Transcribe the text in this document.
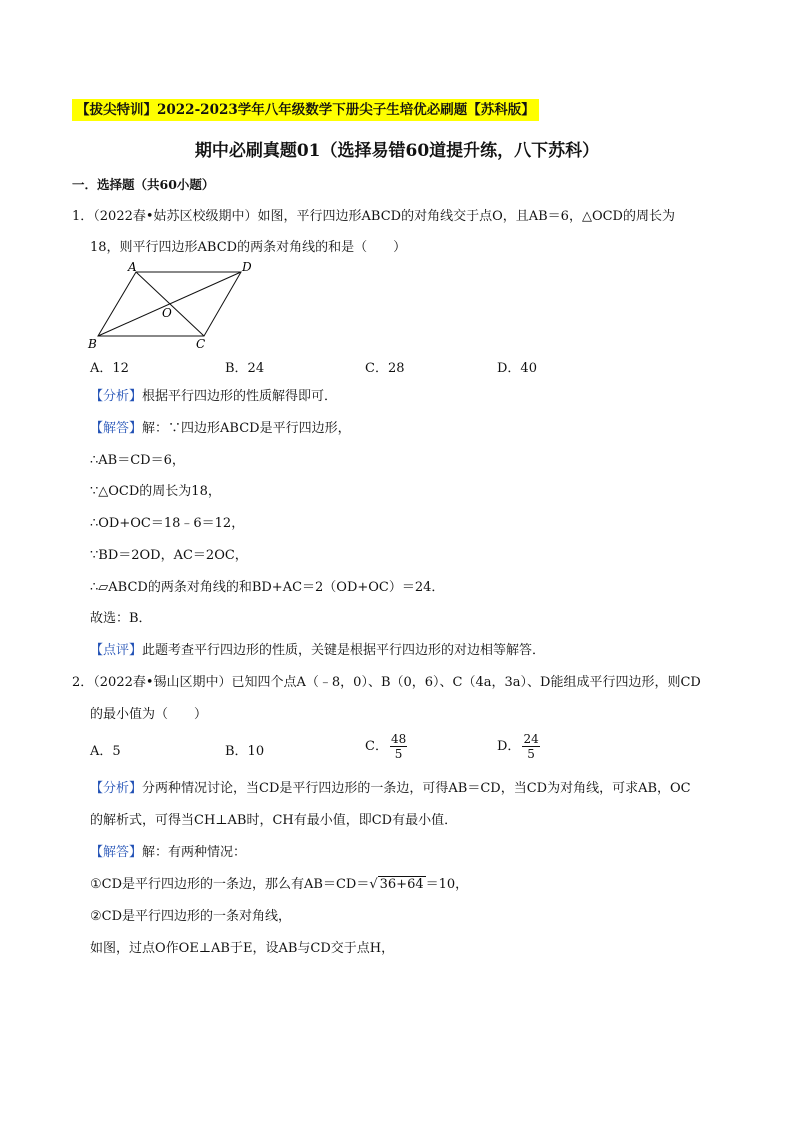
【拔尖特训】2022-2023学年八年级数学下册尖子生培优必刷题【苏科版】
期中必刷真题01（选择易错60道提升练，八下苏科）
一．选择题（共60小题）
1．（2022春•姑苏区校级期中）如图，平行四边形ABCD的对角线交于点O，且AB＝6，△OCD的周长为
18，则平行四边形ABCD的两条对角线的和是（　　）
A	D
B	C
O
A．12	B．24	C．28	D．40
【分析】根据平行四边形的性质解得即可．
【解答】解：∵四边形ABCD是平行四边形，
∴AB＝CD＝6，
∵△OCD的周长为18，
∴OD+OC＝18﹣6＝12，
∵BD＝2OD，AC＝2OC，
∴▱ABCD的两条对角线的和BD+AC＝2（OD+OC）＝24．
故选：B．
【点评】此题考查平行四边形的性质，关键是根据平行四边形的对边相等解答．
2．（2022春•锡山区期中）已知四个点A（﹣8，0）、B（0，6）、C（4a，3a）、D能组成平行四边形，则CD
的最小值为（　　）
A．5	B．10	C． $\frac{48}{5}$	D． $\frac{24}{5}$
【分析】分两种情况讨论，当CD是平行四边形的一条边，可得AB＝CD，当CD为对角线，可求AB，OC
的解析式，可得当CH⊥AB时，CH有最小值，即CD有最小值．
【解答】解：有两种情况：
①CD是平行四边形的一条边，那么有AB＝CD＝√ 36+64 ＝10，
②CD是平行四边形的一条对角线，
如图，过点O作OE⊥AB于E，设AB与CD交于点H，
